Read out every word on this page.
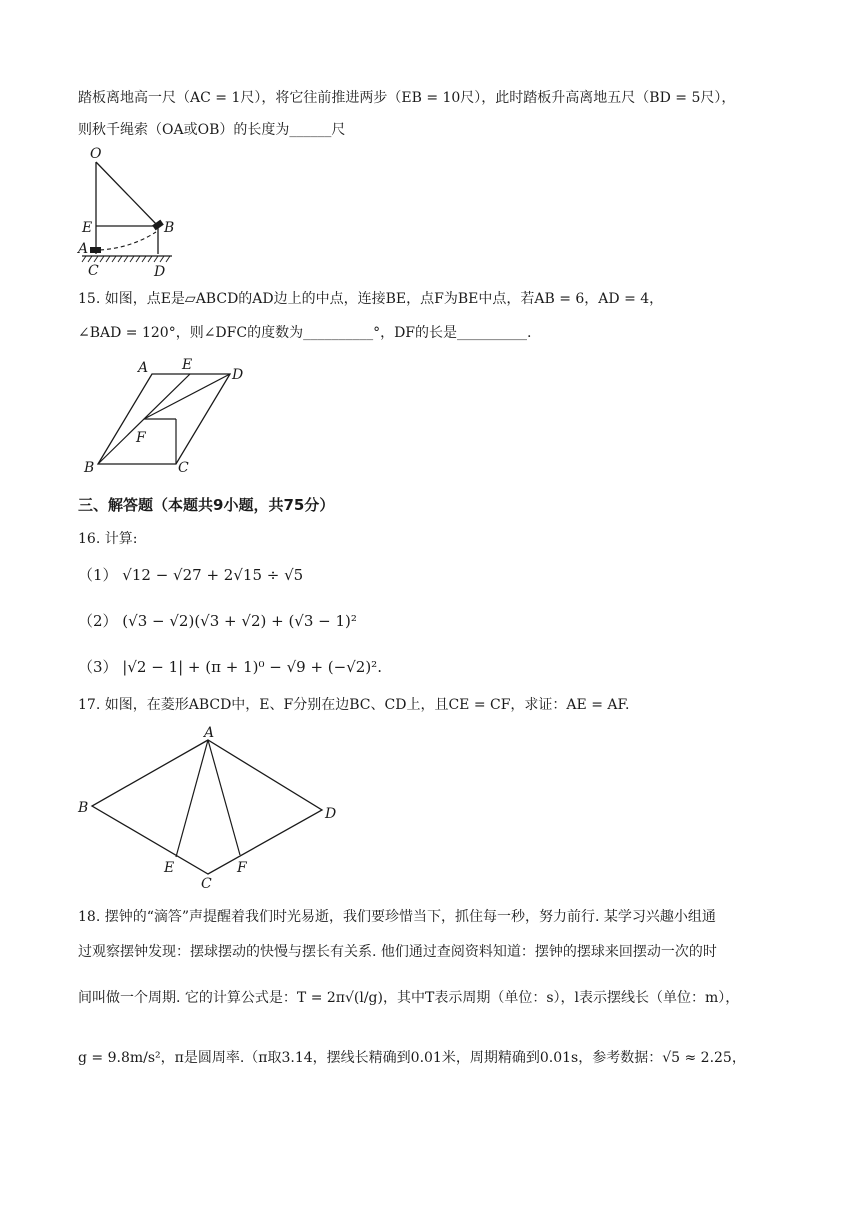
踏板离地高一尺（AC = 1尺），将它往前推进两步（EB = 10尺），此时踏板升高离地五尺（BD = 5尺），
则秋千绳索（OA或OB）的长度为______尺
O
E	B
A
C	D
15. 如图，点E是▱ABCD的AD边上的中点，连接BE，点F为BE中点，若AB = 6，AD = 4，
∠BAD = 120°，则∠DFC的度数为__________°，DF的长是__________.
A E
D
F
B	C
三、解答题（本题共9小题，共75分）
16. 计算:
（1） √12 − √27 + 2√15 ÷ √5
（2） (√3 − √2)(√3 + √2) + (√3 − 1)²
（3） |√2 − 1| + (π + 1)⁰ − √9 + (−√2)².
17. 如图，在菱形ABCD中，E、F分别在边BC、CD上，且CE = CF，求证：AE = AF.
A
B	D
E	F
C
18. 摆钟的“滴答”声提醒着我们时光易逝，我们要珍惜当下，抓住每一秒，努力前行. 某学习兴趣小组通
过观察摆钟发现：摆球摆动的快慢与摆长有关系. 他们通过查阅资料知道：摆钟的摆球来回摆动一次的时
间叫做一个周期. 它的计算公式是：T = 2π√(l/g)，其中T表示周期（单位：s），l表示摆线长（单位：m），
g = 9.8m/s²，π是圆周率.（π取3.14，摆线长精确到0.01米，周期精确到0.01s，参考数据：√5 ≈ 2.25，
